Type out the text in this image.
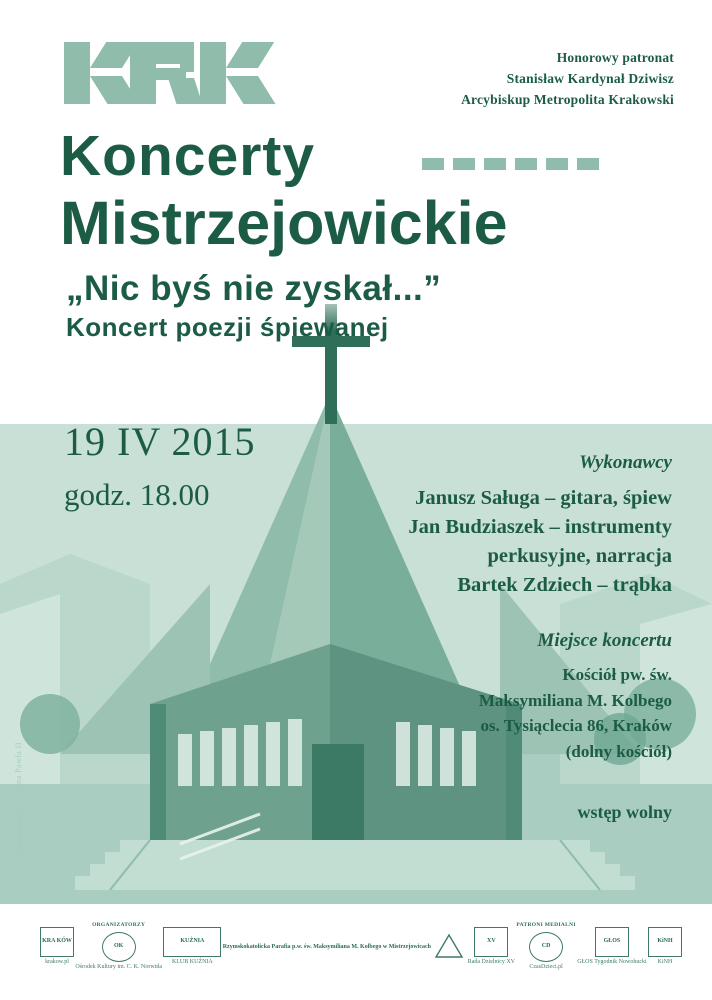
Honorowy patronat
Stanisław Kardynał Dziwisz
Arcybiskup Metropolita Krakowski
fot. Sanktuarium św. Jana Pawła II
Koncerty
Mistrzejowickie
„Nic byś nie zyskał...”
Koncert poezji śpiewanej
19 IV 2015
godz. 18.00
Wykonawcy

Janusz Saługa – gitara, śpiew
Jan Budziaszek – instrumenty
perkusyjne, narracja
Bartek Zdziech – trąbka

Miejsce koncertu

Kościół pw. św.
Maksymiliana M. Kolbego
os. Tysiąclecia 86, Kraków
(dolny kościół)

wstęp wolny
KRA KÓW
krakow.pl
ORGANIZATORZY
OK
Ośrodek Kultury im. C. K. Norwida
KUŹNIA
KLUB KUŹNIA
Rzymskokatolicka Parafia p.w. św. Maksymiliana M. Kolbego w Mistrzejowicach
XV
Rada Dzielnicy XV
PATRONI MEDIALNI
CD
CzasDzieci.pl
GŁOS
GŁOS Tygodnik Nowohucki
KiNH
KiNH
